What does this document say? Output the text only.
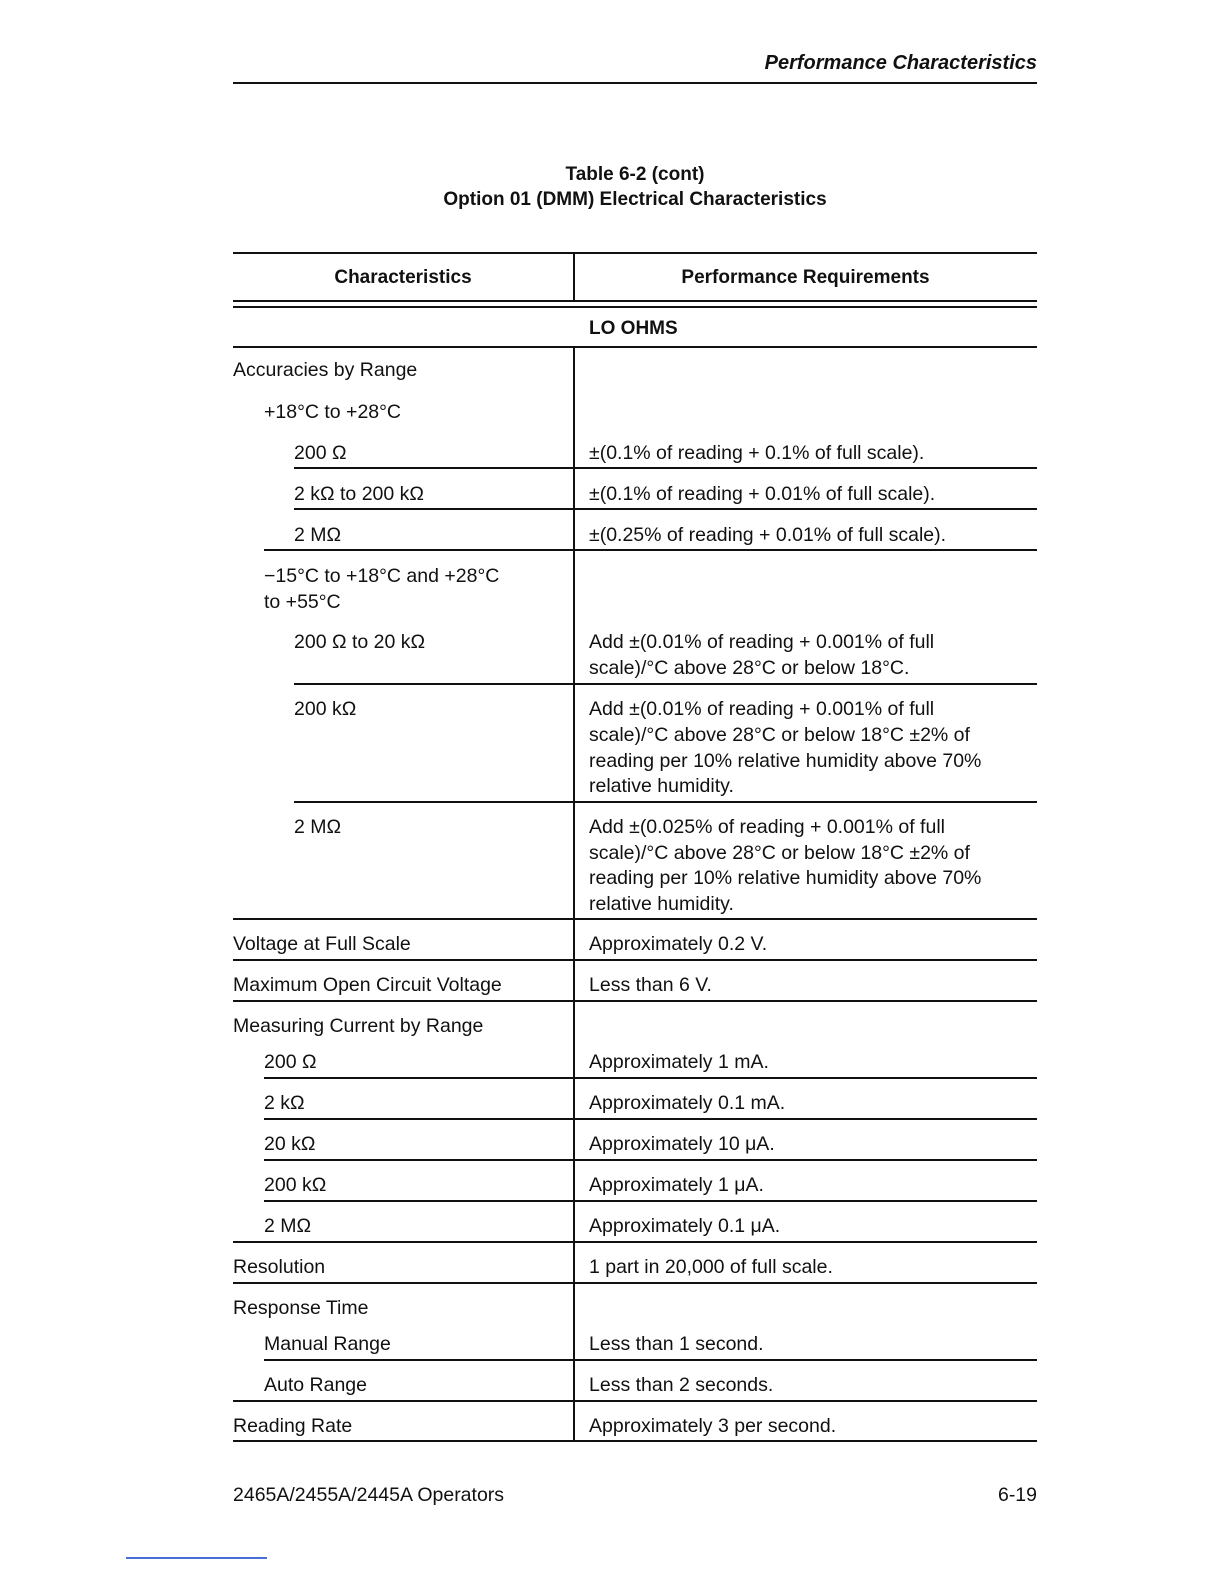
Performance Characteristics
Table 6-2 (cont)
Option 01 (DMM) Electrical Characteristics
Characteristics	Performance Requirements
LO OHMS
Accuracies by Range
+18°C to +28°C
200 Ω	±(0.1% of reading + 0.1% of full scale).
2 kΩ to 200 kΩ	±(0.1% of reading + 0.01% of full scale).
2 MΩ	±(0.25% of reading + 0.01% of full scale).
−15°C to +18°C and +28°C
to +55°C
200 Ω to 20 kΩ	Add ±(0.01% of reading + 0.001% of full
scale)/°C above 28°C or below 18°C.
200 kΩ	Add ±(0.01% of reading + 0.001% of full
scale)/°C above 28°C or below 18°C ±2% of
reading per 10% relative humidity above 70%
relative humidity.
2 MΩ	Add ±(0.025% of reading + 0.001% of full
scale)/°C above 28°C or below 18°C ±2% of
reading per 10% relative humidity above 70%
relative humidity.
Voltage at Full Scale	Approximately 0.2 V.
Maximum Open Circuit Voltage	Less than 6 V.
Measuring Current by Range
200 Ω	Approximately 1 mA.
2 kΩ	Approximately 0.1 mA.
20 kΩ	Approximately 10 μA.
200 kΩ	Approximately 1 μA.
2 MΩ	Approximately 0.1 μA.
Resolution	1 part in 20,000 of full scale.
Response Time
Manual Range	Less than 1 second.
Auto Range	Less than 2 seconds.
Reading Rate	Approximately 3 per second.
2465A/2455A/2445A Operators	6-19
